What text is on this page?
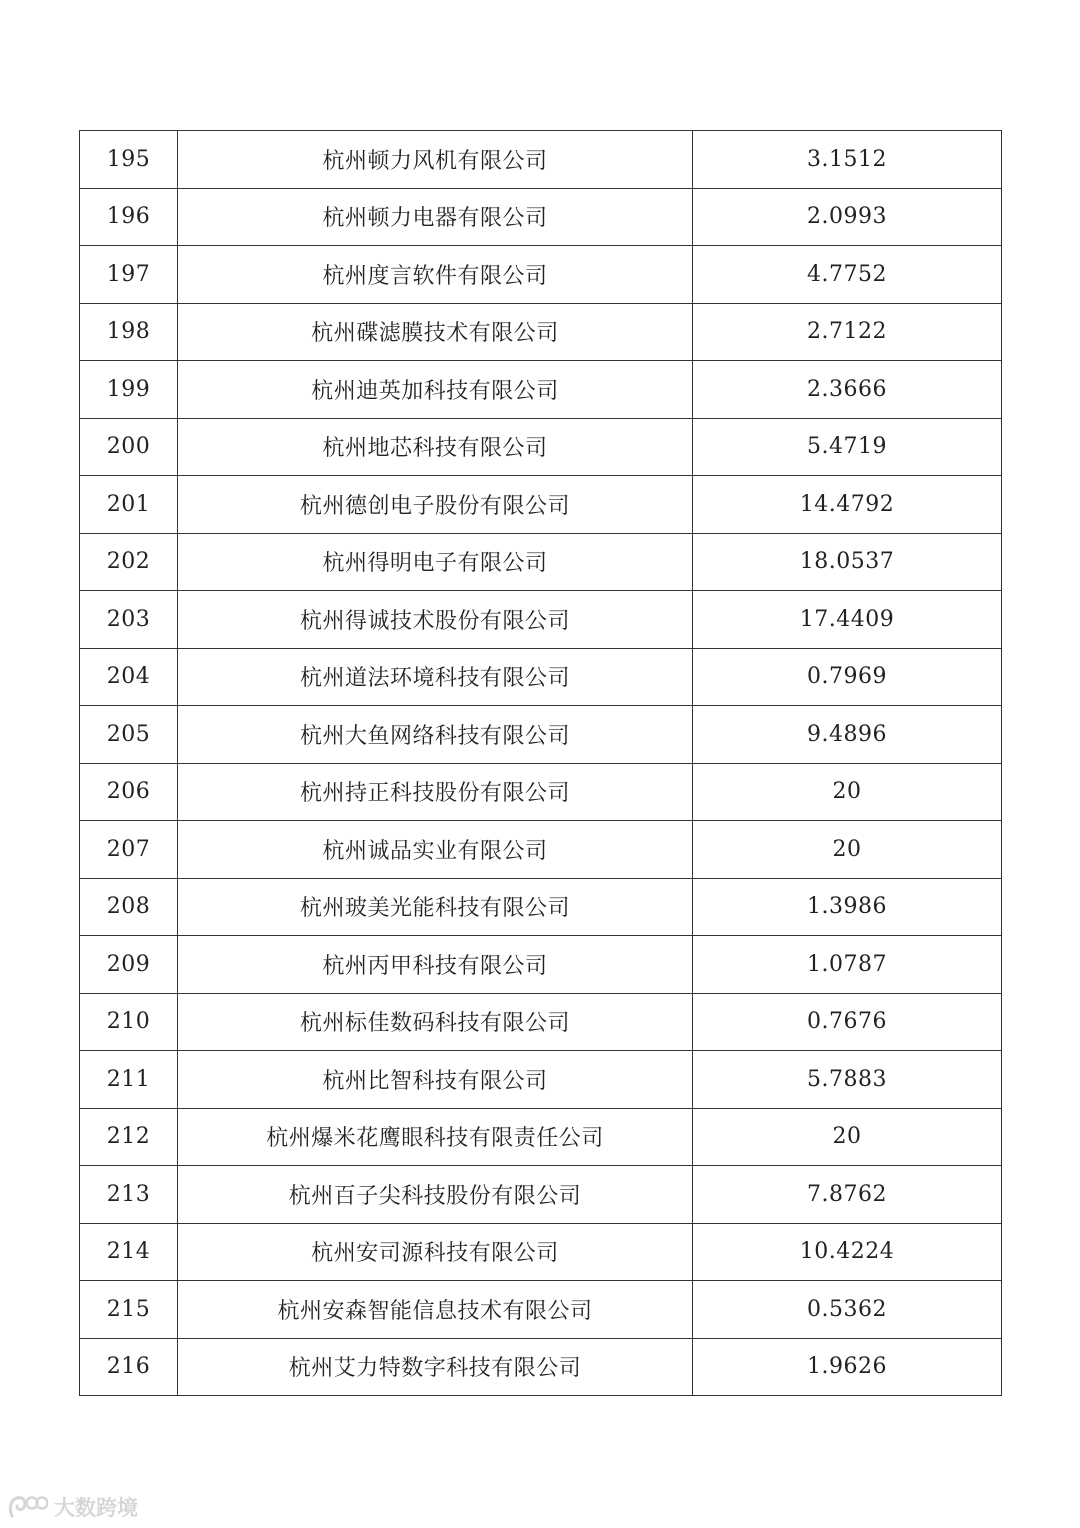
195	杭州顿力风机有限公司	3.1512
196	杭州顿力电器有限公司	2.0993
197	杭州度言软件有限公司	4.7752
198	杭州碟滤膜技术有限公司	2.7122
199	杭州迪英加科技有限公司	2.3666
200	杭州地芯科技有限公司	5.4719
201	杭州德创电子股份有限公司	14.4792
202	杭州得明电子有限公司	18.0537
203	杭州得诚技术股份有限公司	17.4409
204	杭州道法环境科技有限公司	0.7969
205	杭州大鱼网络科技有限公司	9.4896
206	杭州持正科技股份有限公司	20
207	杭州诚品实业有限公司	20
208	杭州玻美光能科技有限公司	1.3986
209	杭州丙甲科技有限公司	1.0787
210	杭州标佳数码科技有限公司	0.7676
211	杭州比智科技有限公司	5.7883
212	杭州爆米花鹰眼科技有限责任公司	20
213	杭州百子尖科技股份有限公司	7.8762
214	杭州安司源科技有限公司	10.4224
215	杭州安森智能信息技术有限公司	0.5362
216	杭州艾力特数字科技有限公司	1.9626
大数跨境
